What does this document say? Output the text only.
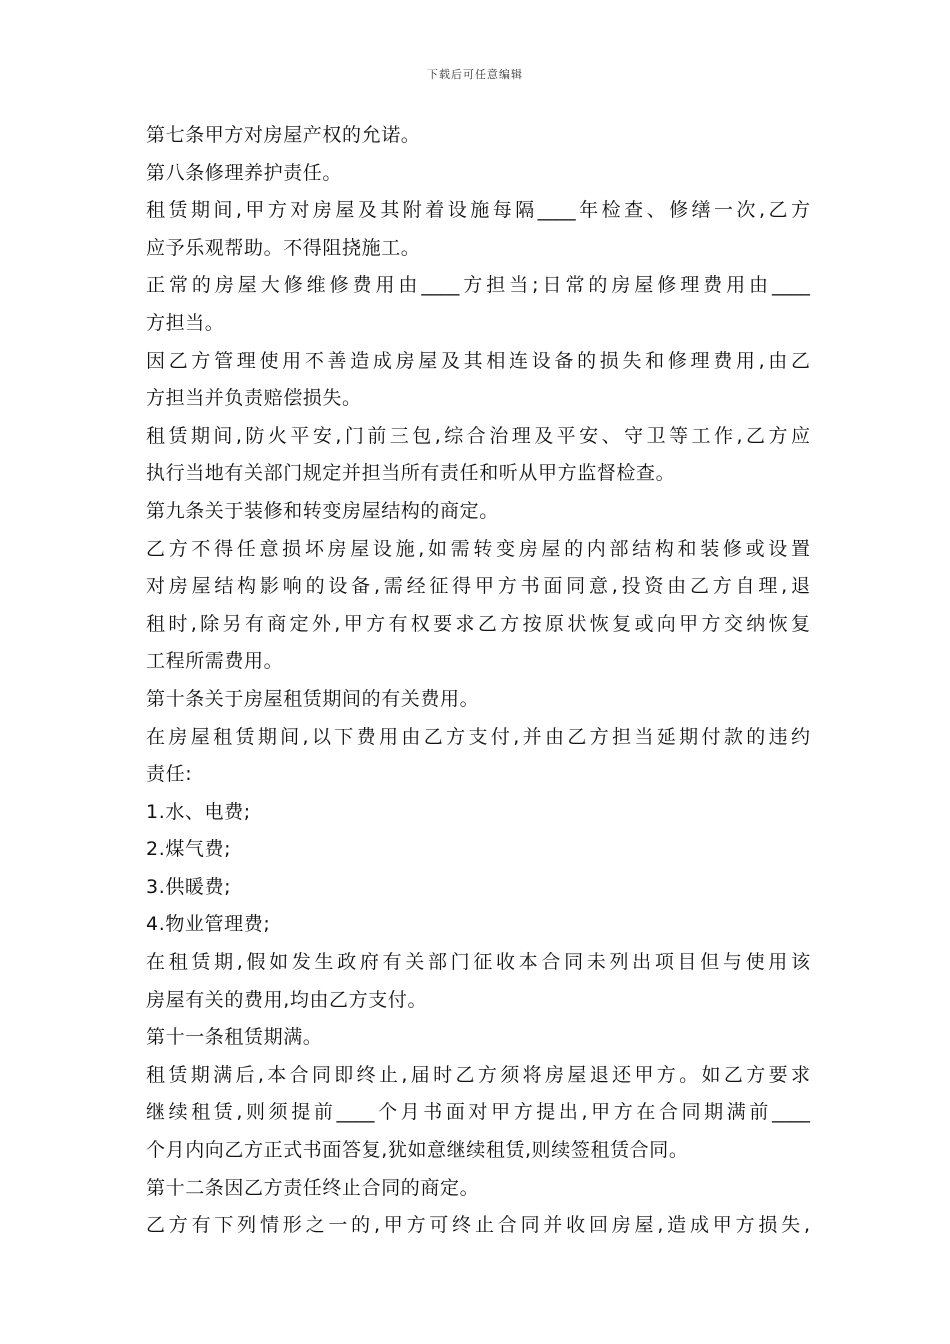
下载后可任意编辑
第七条甲方对房屋产权的允诺。
第八条修理养护责任。
租赁期间,甲方对房屋及其附着设施每隔____年检查、修缮一次,乙方
应予乐观帮助。不得阻挠施工。
正常的房屋大修维修费用由____方担当;日常的房屋修理费用由____
方担当。
因乙方管理使用不善造成房屋及其相连设备的损失和修理费用,由乙
方担当并负责赔偿损失。
租赁期间,防火平安,门前三包,综合治理及平安、守卫等工作,乙方应
执行当地有关部门规定并担当所有责任和听从甲方监督检查。
第九条关于装修和转变房屋结构的商定。
乙方不得任意损坏房屋设施,如需转变房屋的内部结构和装修或设置
对房屋结构影响的设备,需经征得甲方书面同意,投资由乙方自理,退
租时,除另有商定外,甲方有权要求乙方按原状恢复或向甲方交纳恢复
工程所需费用。
第十条关于房屋租赁期间的有关费用。
在房屋租赁期间,以下费用由乙方支付,并由乙方担当延期付款的违约
责任:
1.水、电费;
2.煤气费;
3.供暖费;
4.物业管理费;
在租赁期,假如发生政府有关部门征收本合同未列出项目但与使用该
房屋有关的费用,均由乙方支付。
第十一条租赁期满。
租赁期满后,本合同即终止,届时乙方须将房屋退还甲方。如乙方要求
继续租赁,则须提前____个月书面对甲方提出,甲方在合同期满前____
个月内向乙方正式书面答复,犹如意继续租赁,则续签租赁合同。
第十二条因乙方责任终止合同的商定。
乙方有下列情形之一的,甲方可终止合同并收回房屋,造成甲方损失,
